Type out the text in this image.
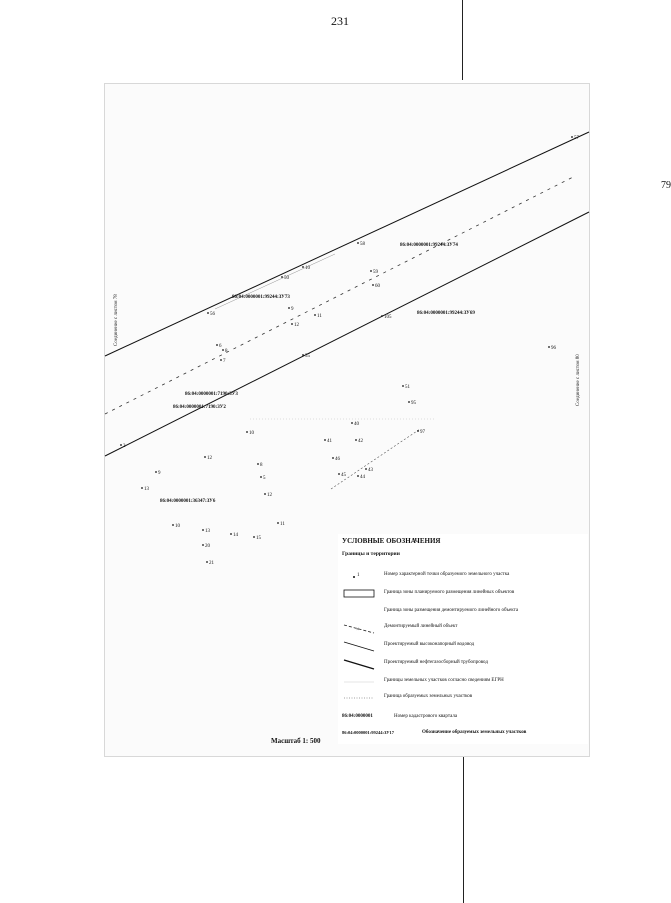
231
79
Соединение с листом 78
Соединение с листом 80
86:04:0000001:99244:ЗУ74
86:04:0000001:99244:ЗУ73
86:04:0000001:99244:ЗУ69
86:04:0000001:7190:ЗУ3
86:04:0000001:7190:ЗУ2
86:04:0000001:36347:ЗУ6
57
59
58
10
50
60
56
9
11
12
105
6
8
7
55
51
95
96
2
10
40
42
41
97
12
8
46
43
45	44
9
5
13
12
11
10
13
14
15
20
21
УСЛОВНЫЕ ОБОЗНАЧЕНИЯ
Границы и территории
1	Номер характерной точки образуемого земельного участка
Граница зоны планируемого размещения линейных объектов
Граница зоны размещения демонтируемого линейного объекта
×
Демонтируемый линейный объект
Проектируемый высоконапорный водовод
Проектируемый нефтегазосборный трубопровод
Границы земельных участков согласно сведениям ЕГРН
Граница образуемых земельных участков
86:04:0000001	Номер кадастрового квартала
86:04:0000001:99244:ЗУ17	Обозначение образуемых земельных участков
Масштаб 1: 500
